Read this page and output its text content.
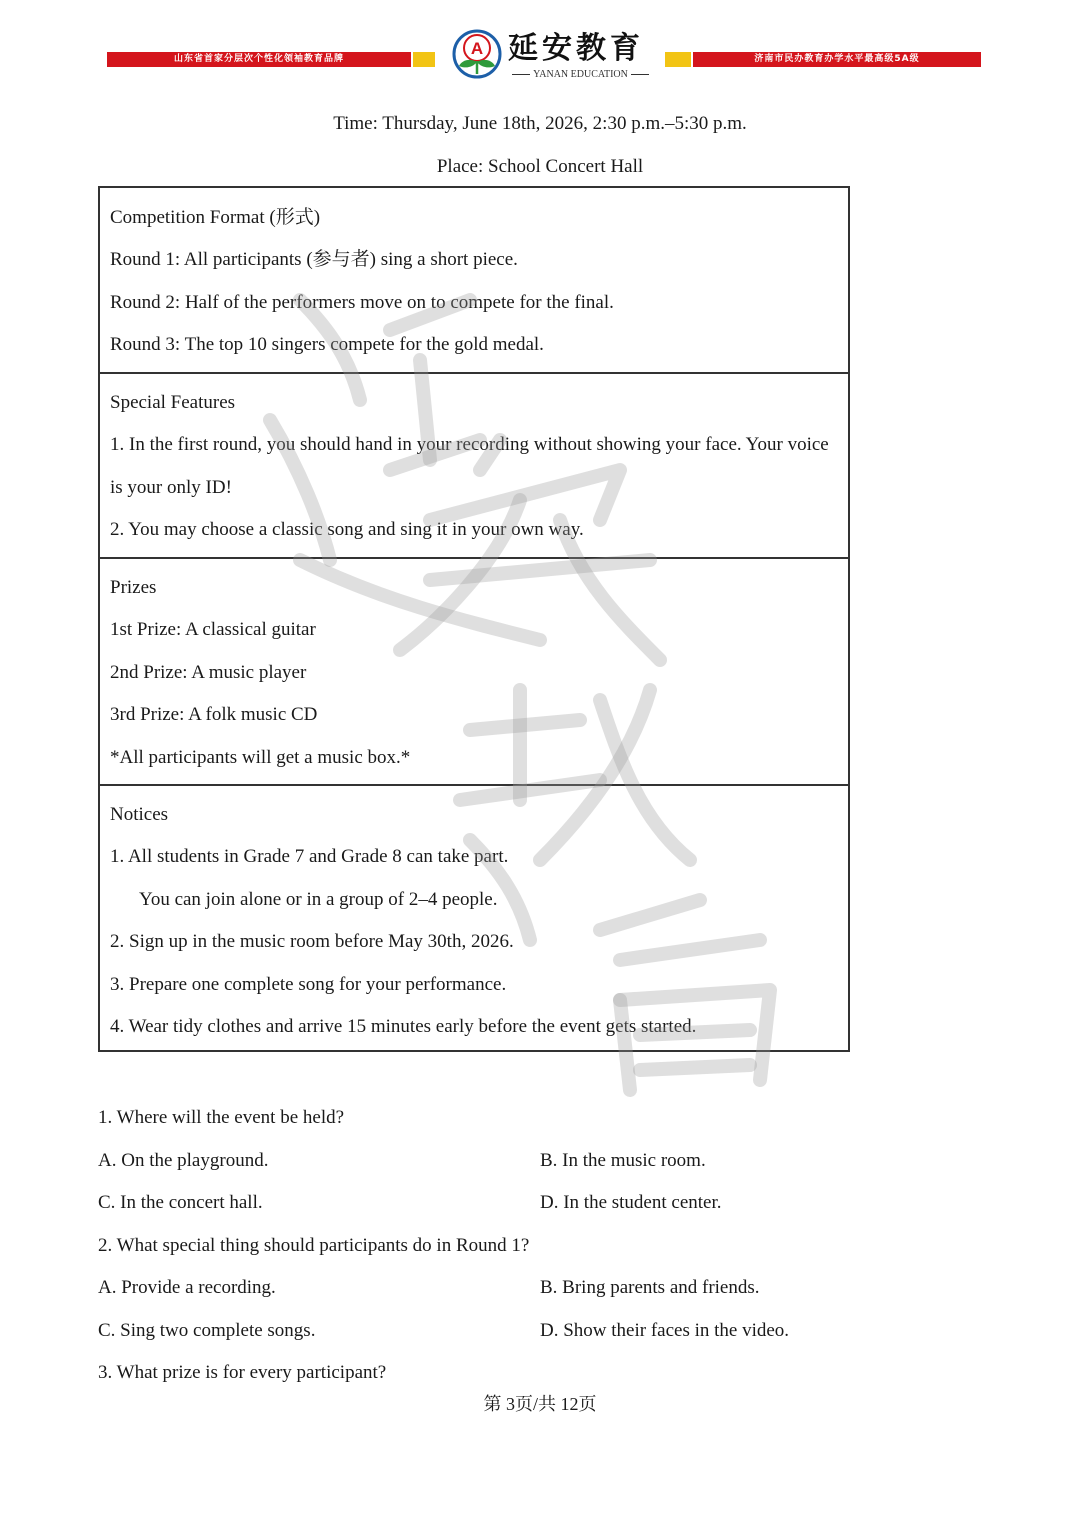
山东省首家分层次个性化领袖教育品牌
A 延安教育
YANAN EDUCATION
济南市民办教育办学水平最高级5A级
Time: Thursday, June 18th, 2026, 2:30 p.m.–5:30 p.m.
Place: School Concert Hall
Competition Format (形式)
Round 1: All participants (参与者) sing a short piece.
Round 2: Half of the performers move on to compete for the final.
Round 3: The top 10 singers compete for the gold medal.
Special Features
1. In the first round, you should hand in your recording without showing your face. Your voice
is your only ID!
2. You may choose a classic song and sing it in your own way.
Prizes
1st Prize: A classical guitar
2nd Prize: A music player
3rd Prize: A folk music CD
*All participants will get a music box.*
Notices
1. All students in Grade 7 and Grade 8 can take part.
You can join alone or in a group of 2–4 people.
2. Sign up in the music room before May 30th, 2026.
3. Prepare one complete song for your performance.
4. Wear tidy clothes and arrive 15 minutes early before the event gets started.
1. Where will the event be held?
A. On the playground.	B. In the music room.
C. In the concert hall.	D. In the student center.
2. What special thing should participants do in Round 1?
A. Provide a recording.	B. Bring parents and friends.
C. Sing two complete songs.	D. Show their faces in the video.
3. What prize is for every participant?
第 3页/共 12页
